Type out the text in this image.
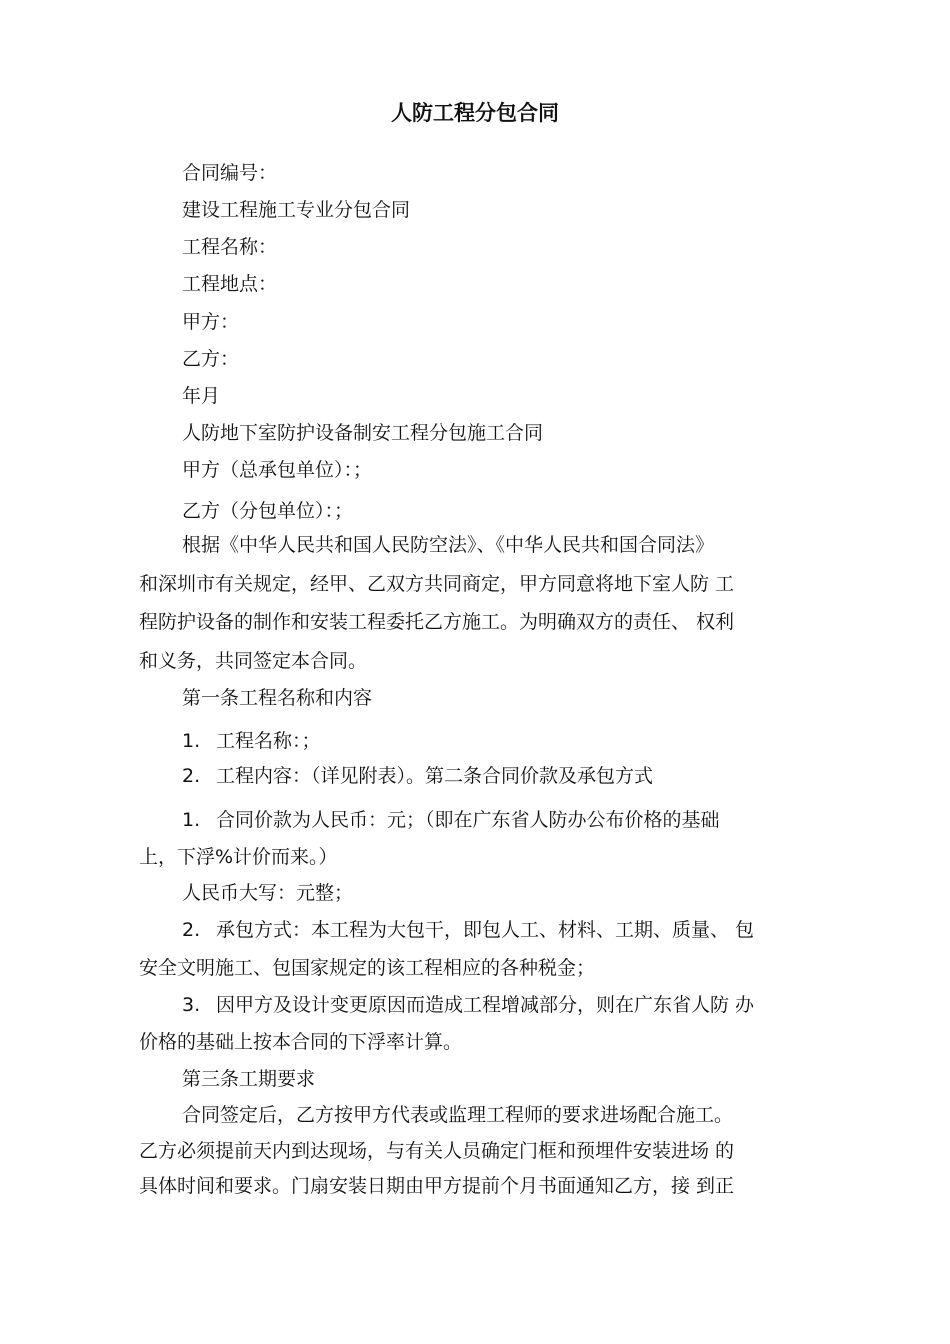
人防工程分包合同
合同编号：
建设工程施工专业分包合同
工程名称：
工程地点：
甲方：
乙方：
年月
人防地下室防护设备制安工程分包施工合同
甲方（总承包单位）：；
乙方（分包单位）：；
根据《中华人民共和国人民防空法》、《中华人民共和国合同法》
和深圳市有关规定，经甲、乙双方共同商定，甲方同意将地下室人防 工
程防护设备的制作和安装工程委托乙方施工。为明确双方的责任、 权利
和义务，共同签定本合同。
第一条工程名称和内容
1. 工程名称：；
2. 工程内容：（详见附表）。第二条合同价款及承包方式
1. 合同价款为人民币：元；（即在广东省人防办公布价格的基础
上，下浮%计价而来。）
人民币大写：元整；
2. 承包方式：本工程为大包干，即包人工、材料、工期、质量、 包
安全文明施工、包国家规定的该工程相应的各种税金；
3. 因甲方及设计变更原因而造成工程增减部分，则在广东省人防 办
价格的基础上按本合同的下浮率计算。
第三条工期要求
合同签定后，乙方按甲方代表或监理工程师的要求进场配合施工。
乙方必须提前天内到达现场，与有关人员确定门框和预埋件安装进场 的
具体时间和要求。门扇安装日期由甲方提前个月书面通知乙方，接 到正
